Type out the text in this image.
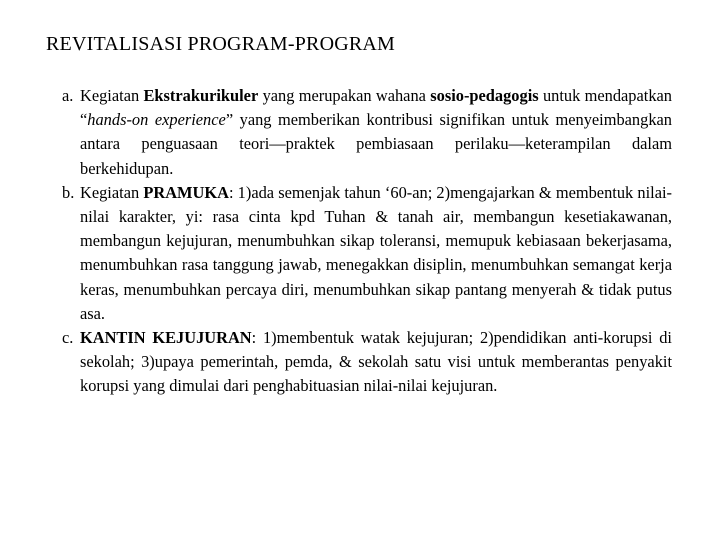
REVITALISASI PROGRAM-PROGRAM

a. Kegiatan Ekstrakurikuler yang merupakan wahana sosio-pedagogis untuk mendapatkan “hands-on experience” yang memberikan kontribusi signifikan untuk menyeimbangkan antara penguasaan teori—praktek pembiasaan perilaku—keterampilan dalam berkehidupan.

b. Kegiatan PRAMUKA: 1)ada semenjak tahun ‘60-an; 2)mengajarkan & membentuk nilai-nilai karakter, yi: rasa cinta kpd Tuhan & tanah air, membangun kesetiakawanan, membangun kejujuran, menumbuhkan sikap toleransi, memupuk kebiasaan bekerjasama, menumbuhkan rasa tanggung jawab, menegakkan disiplin, menumbuhkan semangat kerja keras, menumbuhkan percaya diri, menumbuhkan sikap pantang menyerah & tidak putus asa.

c. KANTIN KEJUJURAN: 1)membentuk watak kejujuran; 2)pendidikan anti-korupsi di sekolah; 3)upaya pemerintah, pemda, & sekolah satu visi untuk memberantas penyakit korupsi yang dimulai dari penghabituasian nilai-nilai kejujuran.
